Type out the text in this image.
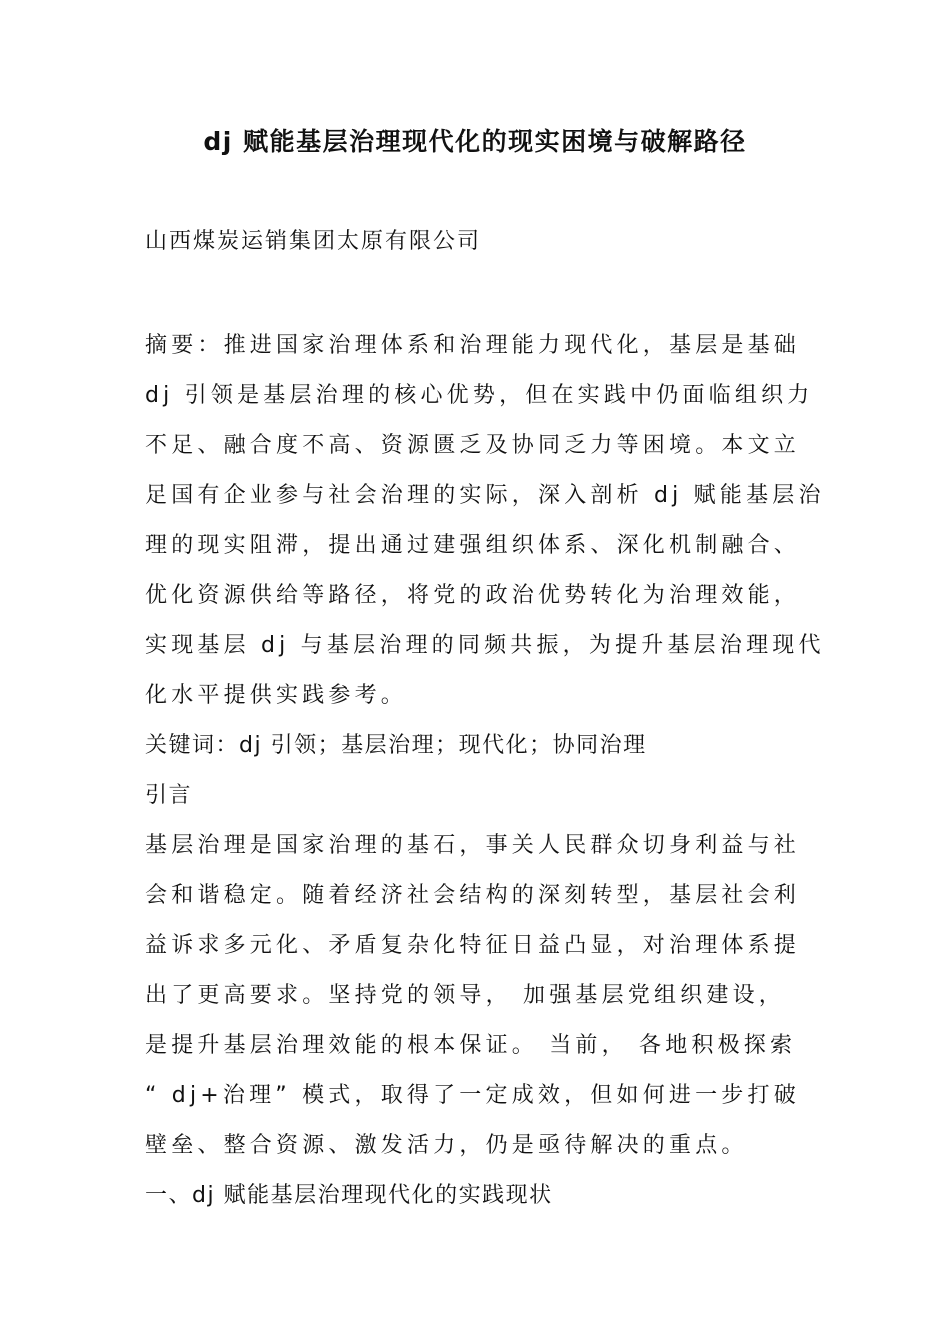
dj 赋能基层治理现代化的现实困境与破解路径

山西煤炭运销集团太原有限公司

摘要：推进国家治理体系和治理能力现代化，基层是基础
dj 引领是基层治理的核心优势，但在实践中仍面临组织力
不足、融合度不高、资源匮乏及协同乏力等困境。本文立
足国有企业参与社会治理的实际，深入剖析 dj 赋能基层治
理的现实阻滞，提出通过建强组织体系、深化机制融合、
优化资源供给等路径，将党的政治优势转化为治理效能，
实现基层 dj 与基层治理的同频共振，为提升基层治理现代
化水平提供实践参考。
关键词：dj 引领；基层治理；现代化；协同治理
引言
基层治理是国家治理的基石，事关人民群众切身利益与社
会和谐稳定。随着经济社会结构的深刻转型，基层社会利
益诉求多元化、矛盾复杂化特征日益凸显，对治理体系提
出了更高要求。坚持党的领导， 加强基层党组织建设，
是提升基层治理效能的根本保证。 当前， 各地积极探索
“ dj+治理” 模式，取得了一定成效，但如何进一步打破
壁垒、整合资源、激发活力，仍是亟待解决的重点。
一、dj 赋能基层治理现代化的实践现状
